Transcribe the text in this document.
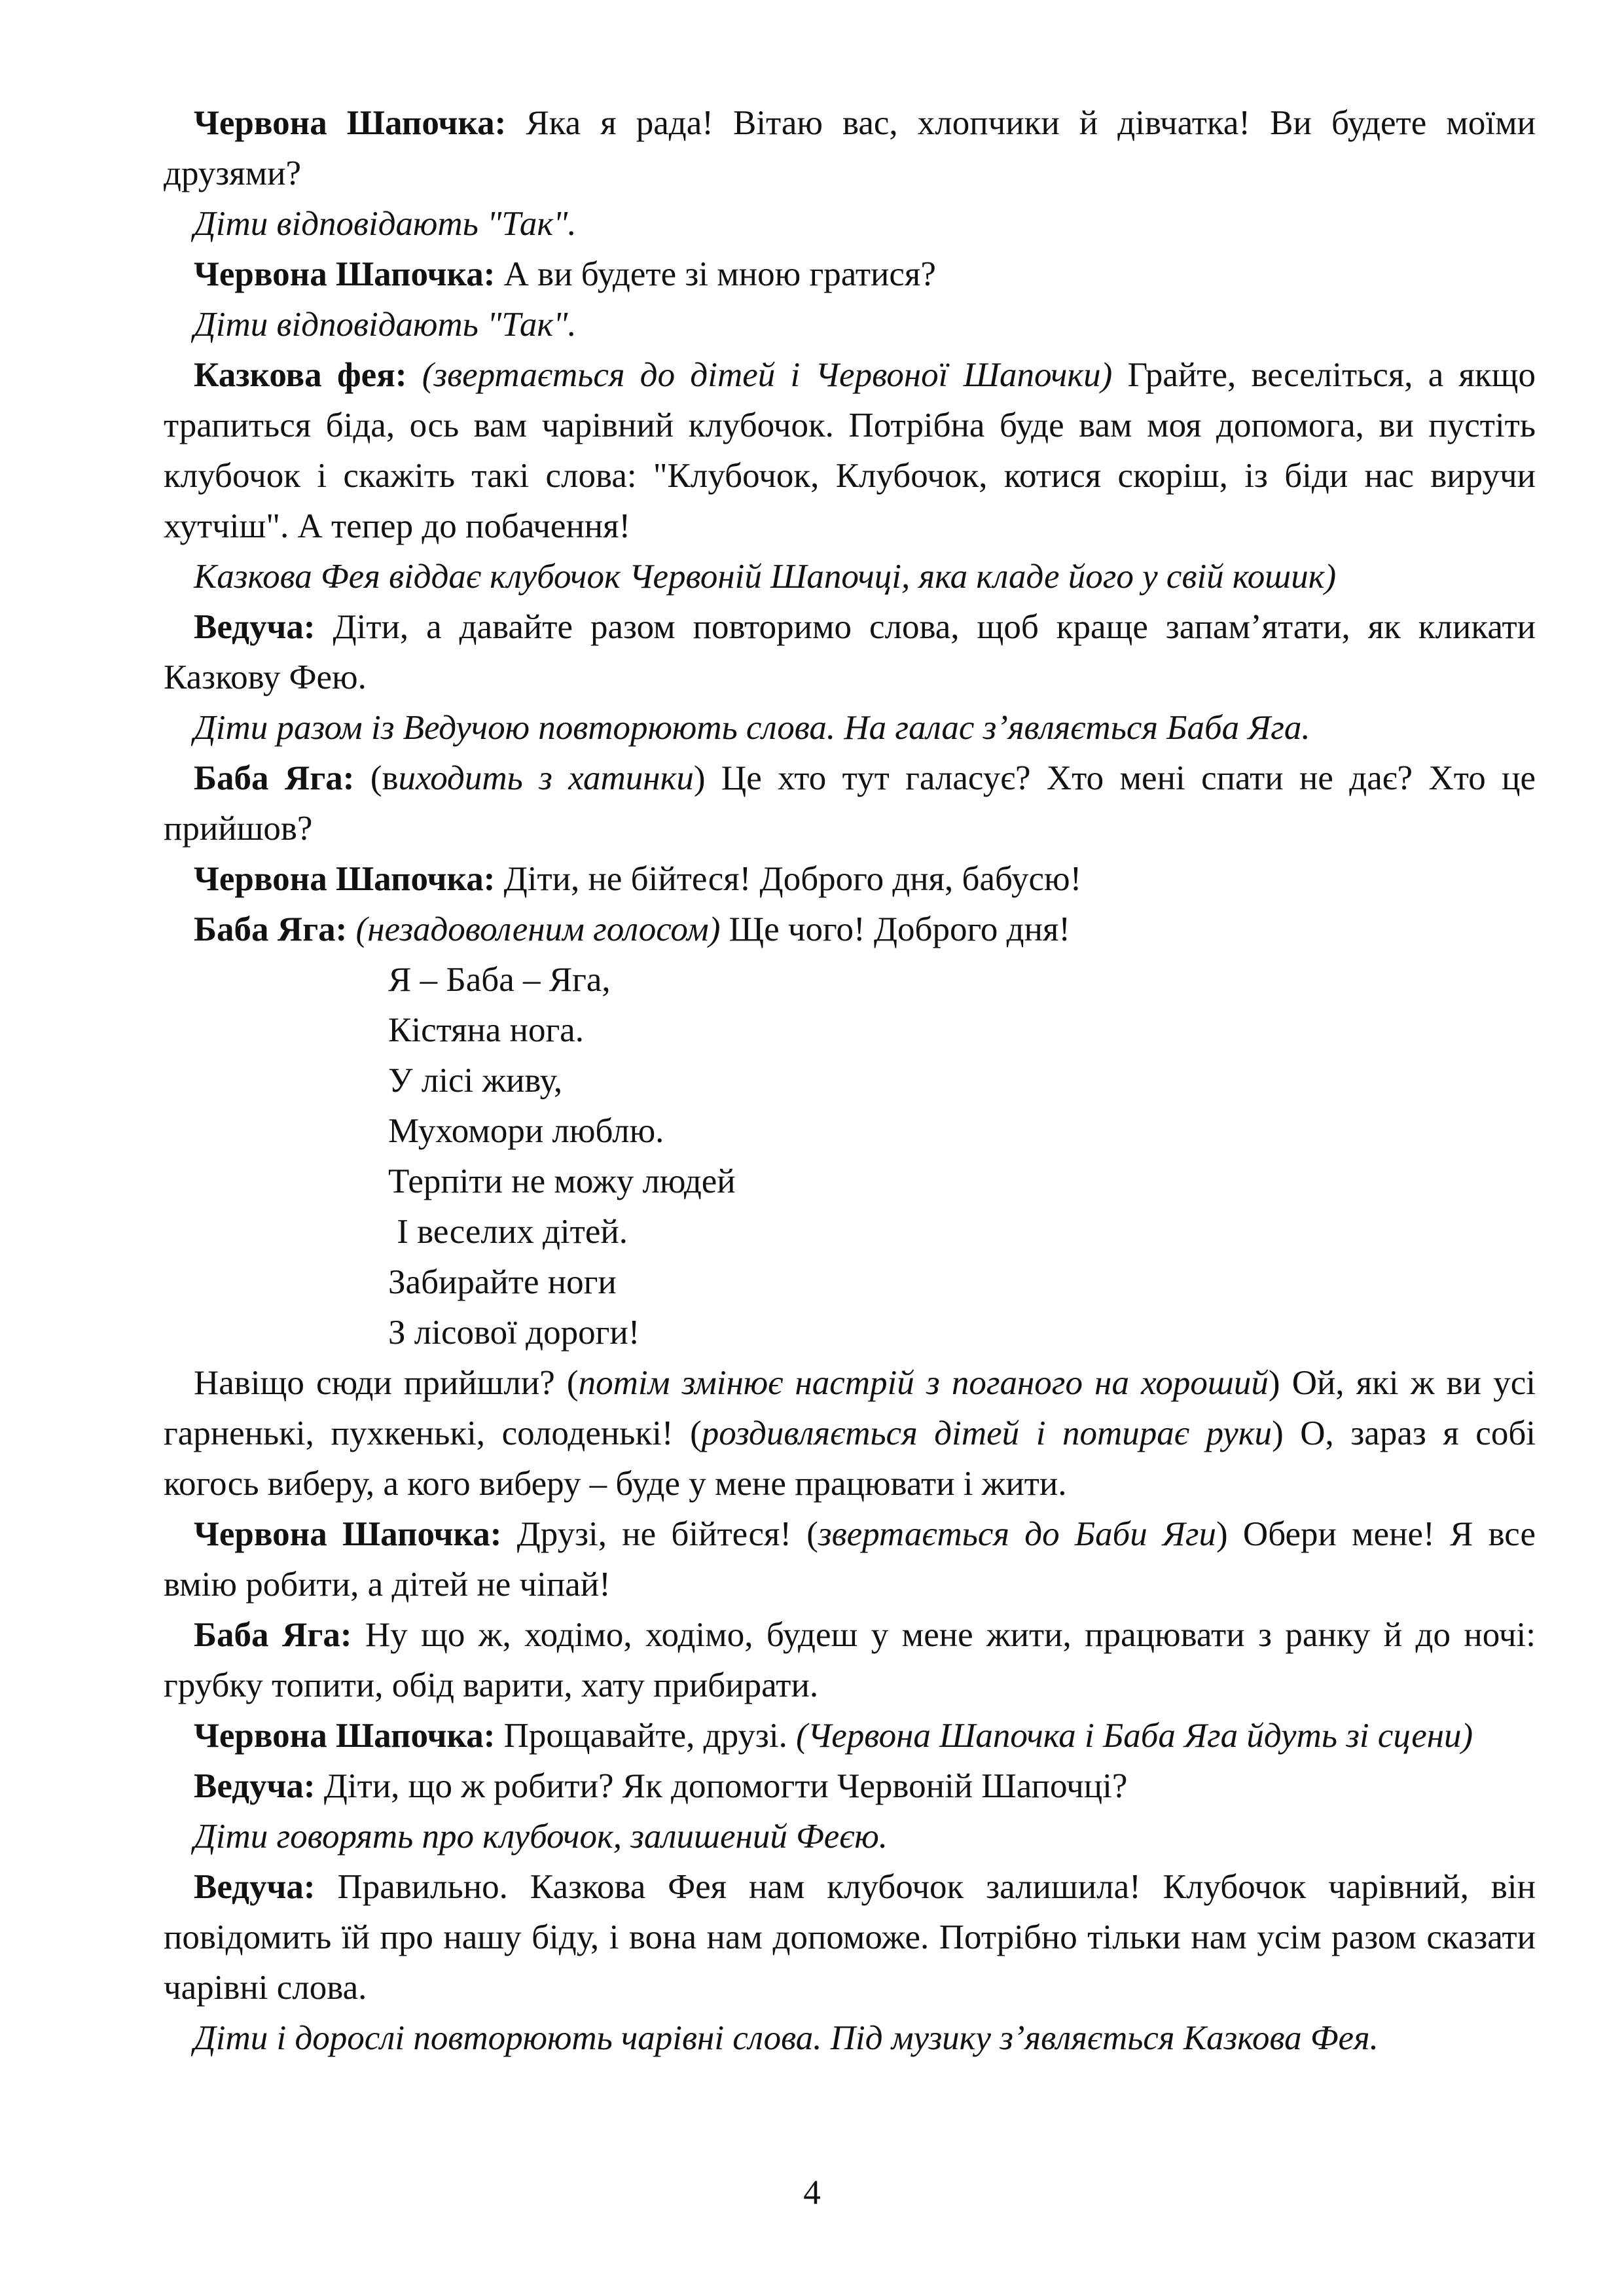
Червона Шапочка: Яка я рада! Вітаю вас, хлопчики й дівчатка! Ви будете моїми друзями?

Діти відповідають "Так".

Червона Шапочка: А ви будете зі мною гратися?

Діти відповідають "Так".

Казкова фея: (звертається до дітей і Червоної Шапочки) Грайте, веселіться, а якщо трапиться біда, ось вам чарівний клубочок. Потрібна буде вам моя допомога, ви пустіть клубочок і скажіть такі слова: "Клубочок, Клубочок, котися скоріш, із біди нас виручи хутчіш". А тепер до побачення!

Казкова Фея віддає клубочок Червоній Шапочці, яка кладе його у свій кошик)

Ведуча: Діти, а давайте разом повторимо слова, щоб краще запам’ятати, як кликати Казкову Фею.

Діти разом із Ведучою повторюють слова. На галас з’являється Баба Яга.

Баба Яга: (виходить з хатинки) Це хто тут галасує? Хто мені спати не дає? Хто це прийшов?

Червона Шапочка: Діти, не бійтеся! Доброго дня, бабусю!

Баба Яга: (незадоволеним голосом) Ще чого! Доброго дня!

Я – Баба – Яга,
Кістяна нога.
У лісі живу,
Мухомори люблю.
Терпіти не можу людей
І веселих дітей.
Забирайте ноги
З лісової дороги!

Навіщо сюди прийшли? (потім змінює настрій з поганого на хороший) Ой, які ж ви усі гарненькі, пухкенькі, солоденькі! (роздивляється дітей і потирає руки) О, зараз я собі когось виберу, а кого виберу – буде у мене працювати і жити.

Червона Шапочка: Друзі, не бійтеся! (звертається до Баби Яги) Обери мене! Я все вмію робити, а дітей не чіпай!

Баба Яга: Ну що ж, ходімо, ходімо, будеш у мене жити, працювати з ранку й до ночі: грубку топити, обід варити, хату прибирати.

Червона Шапочка: Прощавайте, друзі. (Червона Шапочка і Баба Яга йдуть зі сцени)

Ведуча: Діти, що ж робити? Як допомогти Червоній Шапочці?

Діти говорять про клубочок, залишений Феєю.

Ведуча: Правильно. Казкова Фея нам клубочок залишила! Клубочок чарівний, він повідомить їй про нашу біду, і вона нам допоможе. Потрібно тільки нам усім разом сказати чарівні слова.

Діти і дорослі повторюють чарівні слова. Під музику з’являється Казкова Фея.

4
